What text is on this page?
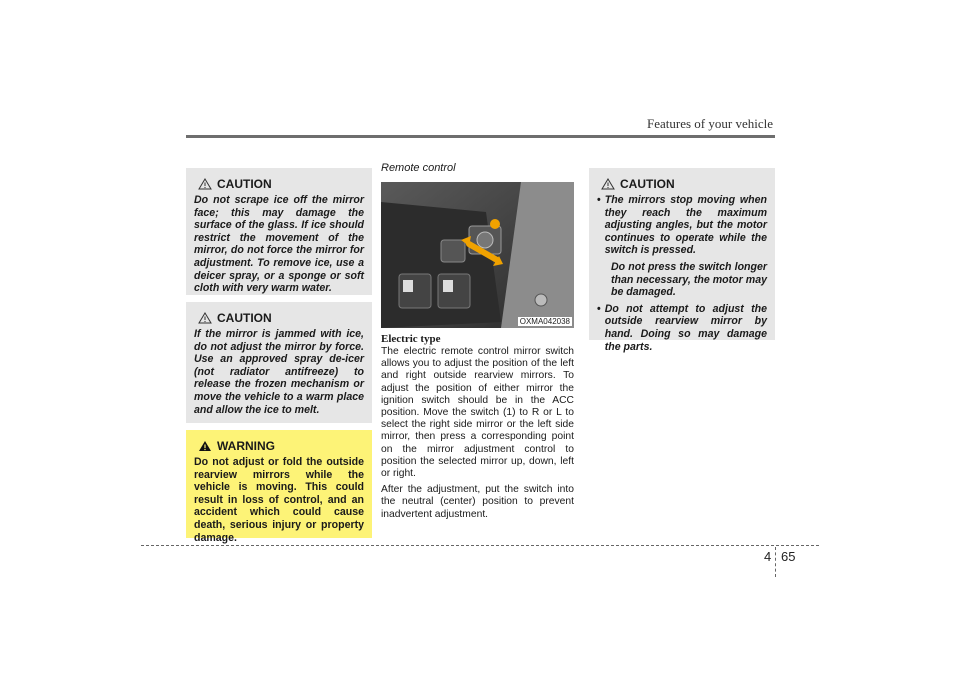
Features of your vehicle
CAUTION
Do not scrape ice off the mirror face; this may damage the surface of the glass. If ice should restrict the movement of the mirror, do not force the mirror for adjustment. To remove ice, use a deicer spray, or a sponge or soft cloth with very warm water.
CAUTION
If the mirror is jammed with ice, do not adjust the mirror by force. Use an approved spray de-icer (not radiator antifreeze) to release the frozen mechanism or move the vehicle to a warm place and allow the ice to melt.
WARNING
Do not adjust or fold the outside rearview mirrors while the vehicle is moving. This could result in loss of control, and an accident which could cause death, serious injury or property damage.
Remote control
OXMA042038
Electric type
The electric remote control mirror switch allows you to adjust the position of the left and right outside rearview mirrors. To adjust the position of either mirror the ignition switch should be in the ACC position. Move the switch (1) to R or L to select the right side mirror or the left side mirror, then press a corresponding point on the mirror adjustment control to position the selected mirror up, down, left or right.
After the adjustment, put the switch into the neutral (center) position to prevent inadvertent adjustment.
CAUTION
• The mirrors stop moving when they reach the maximum adjusting angles, but the motor continues to operate while the switch is pressed.
Do not press the switch longer than necessary, the motor may be damaged.
• Do not attempt to adjust the outside rearview mirror by hand. Doing so may damage the parts.
4 65
